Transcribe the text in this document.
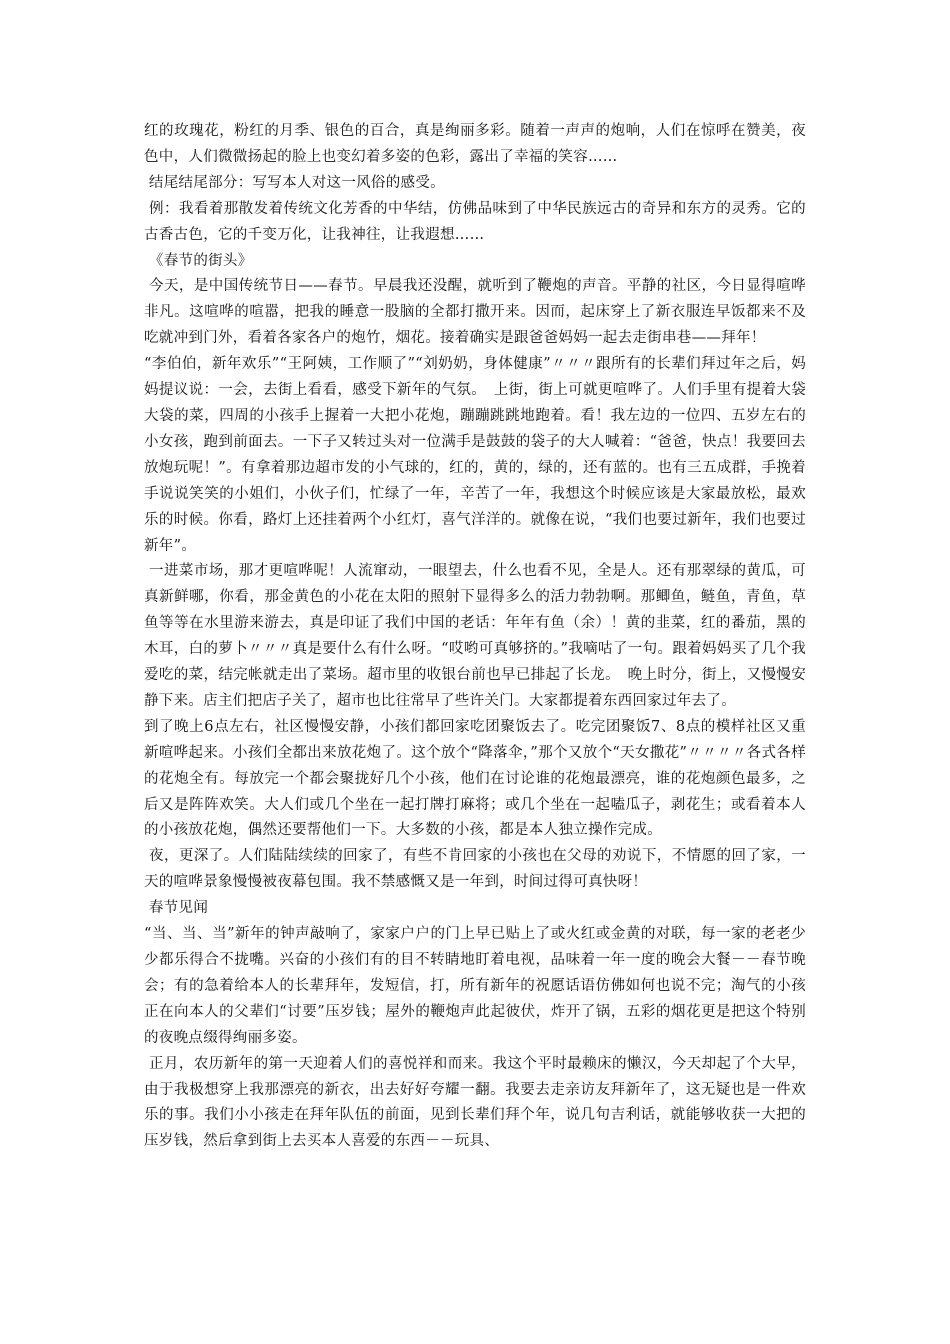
红的玫瑰花，粉红的月季、银色的百合，真是绚丽多彩。随着一声声的炮响，人们在惊呼在赞美，夜色中，人们微微扬起的脸上也变幻着多姿的色彩，露出了幸福的笑容……

结尾结尾部分：写写本人对这一风俗的感受。

例：我看着那散发着传统文化芳香的中华结，仿佛品味到了中华民族远古的奇异和东方的灵秀。它的古香古色，它的千变万化，让我神往，让我遐想……

《春节的街头》

今天，是中国传统节日——春节。早晨我还没醒，就听到了鞭炮的声音。平静的社区，今日显得喧哗非凡。这喧哗的喧嚣，把我的睡意一股脑的全都打撒开来。因而，起床穿上了新衣服连早饭都来不及吃就冲到门外，看着各家各户的炮竹，烟花。接着确实是跟爸爸妈妈一起去走街串巷——拜年！

“李伯伯，新年欢乐”“王阿姨，工作顺了”“刘奶奶，身体健康”〃〃〃跟所有的长辈们拜过年之后，妈妈提议说：一会，去街上看看，感受下新年的气氛。　上街，街上可就更喧哗了。人们手里有提着大袋大袋的菜，四周的小孩手上握着一大把小花炮，蹦蹦跳跳地跑着。看！我左边的一位四、五岁左右的小女孩，跑到前面去。一下子又转过头对一位满手是鼓鼓的袋子的大人喊着：“爸爸，快点！我要回去放炮玩呢！”。有拿着那边超市发的小气球的，红的，黄的，绿的，还有蓝的。也有三五成群，手挽着手说说笑笑的小姐们，小伙子们，忙绿了一年，辛苦了一年，我想这个时候应该是大家最放松，最欢乐的时候。你看，路灯上还挂着两个小红灯，喜气洋洋的。就像在说，“我们也要过新年，我们也要过新年”。

一进菜市场，那才更喧哗呢！人流窜动，一眼望去，什么也看不见，全是人。还有那翠绿的黄瓜，可真新鲜哪，你看，那金黄色的小花在太阳的照射下显得多么的活力勃勃啊。那鲫鱼，鲢鱼，青鱼，草鱼等等在水里游来游去，真是印证了我们中国的老话：年年有鱼（余）！黄的韭菜，红的番茄，黑的木耳，白的萝卜〃〃〃真是要什么有什么呀。“哎哟可真够挤的。”我嘀咕了一句。跟着妈妈买了几个我爱吃的菜，结完帐就走出了菜场。超市里的收银台前也早已排起了长龙。　晚上时分，街上，又慢慢安静下来。店主们把店子关了，超市也比往常早了些许关门。大家都提着东西回家过年去了。

到了晚上6点左右，社区慢慢安静，小孩们都回家吃团聚饭去了。吃完团聚饭7、8点的模样社区又重新喧哗起来。小孩们全都出来放花炮了。这个放个“降落伞，”那个又放个“天女撒花”〃〃〃〃各式各样的花炮全有。每放完一个都会聚拢好几个小孩，他们在讨论谁的花炮最漂亮，谁的花炮颜色最多，之后又是阵阵欢笑。大人们或几个坐在一起打牌打麻将；或几个坐在一起嗑瓜子，剥花生；或看着本人的小孩放花炮，偶然还要帮他们一下。大多数的小孩，都是本人独立操作完成。

夜，更深了。人们陆陆续续的回家了，有些不肯回家的小孩也在父母的劝说下，不情愿的回了家，一天的喧哗景象慢慢被夜幕包围。我不禁感慨又是一年到，时间过得可真快呀！

春节见闻

“当、当、当”新年的钟声敲响了，家家户户的门上早已贴上了或火红或金黄的对联，每一家的老老少少都乐得合不拢嘴。兴奋的小孩们有的目不转睛地盯着电视，品味着一年一度的晚会大餐－－春节晚会；有的急着给本人的长辈拜年，发短信，打，所有新年的祝愿话语仿佛如何也说不完；淘气的小孩正在向本人的父辈们“讨要”压岁钱；屋外的鞭炮声此起彼伏，炸开了锅，五彩的烟花更是把这个特别的夜晚点缀得绚丽多姿。

正月，农历新年的第一天迎着人们的喜悦祥和而来。我这个平时最赖床的懒汉，今天却起了个大早，由于我极想穿上我那漂亮的新衣，出去好好夸耀一翻。我要去走亲访友拜新年了，这无疑也是一件欢乐的事。我们小小孩走在拜年队伍的前面，见到长辈们拜个年，说几句吉利话，就能够收获一大把的压岁钱，然后拿到街上去买本人喜爱的东西－－玩具、
